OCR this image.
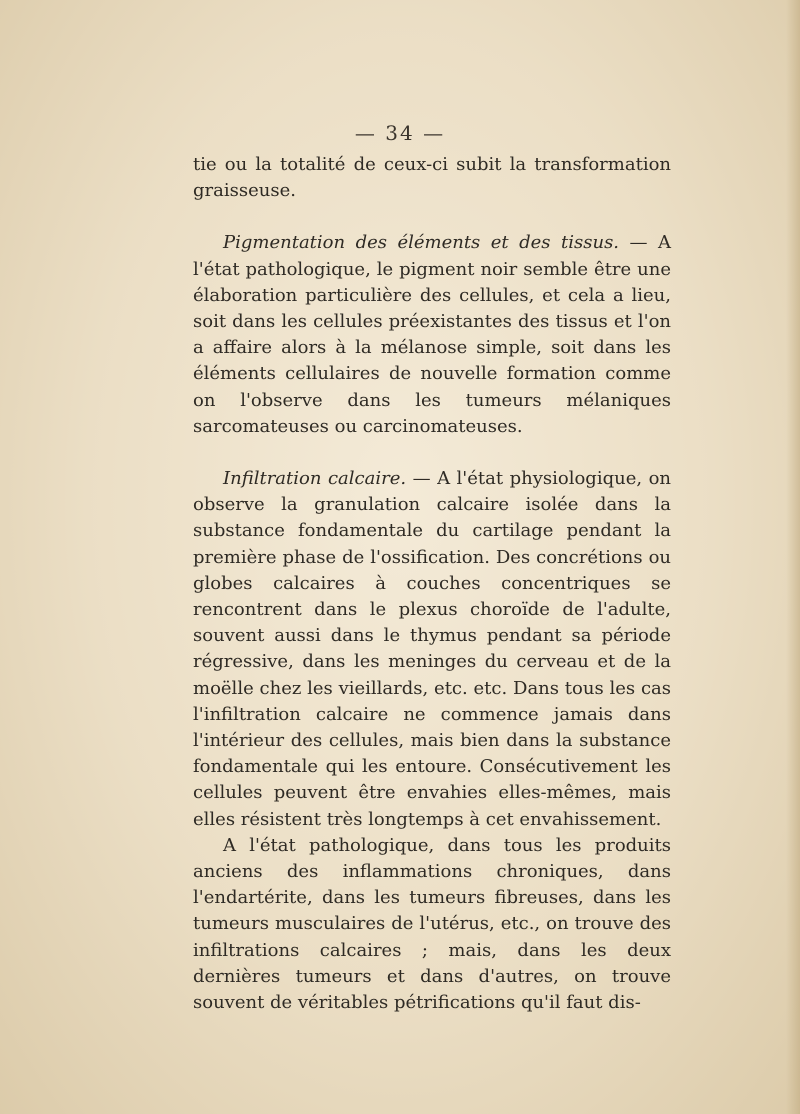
— 34 —

tie ou la totalité de ceux-ci subit la transformation graisseuse.

Pigmentation des éléments et des tissus. — A l'état pathologique, le pigment noir semble être une élaboration particulière des cellules, et cela a lieu, soit dans les cellules préexistantes des tissus et l'on a affaire alors à la mélanose simple, soit dans les éléments cellulaires de nouvelle formation comme on l'observe dans les tumeurs mélaniques sarcomateuses ou carcinomateuses.

Infiltration calcaire. — A l'état physiologique, on observe la granulation calcaire isolée dans la substance fondamentale du cartilage pendant la première phase de l'ossification. Des concrétions ou globes calcaires à couches concentriques se rencontrent dans le plexus choroïde de l'adulte, souvent aussi dans le thymus pendant sa période régressive, dans les meninges du cerveau et de la moëlle chez les vieillards, etc. etc. Dans tous les cas l'infiltration calcaire ne commence jamais dans l'intérieur des cellules, mais bien dans la substance fondamentale qui les entoure. Consécutivement les cellules peuvent être envahies elles-mêmes, mais elles résistent très longtemps à cet envahissement.

A l'état pathologique, dans tous les produits anciens des inflammations chroniques, dans l'endartérite, dans les tumeurs fibreuses, dans les tumeurs musculaires de l'utérus, etc., on trouve des infiltrations calcaires ; mais, dans les deux dernières tumeurs et dans d'autres, on trouve souvent de véritables pétrifications qu'il faut dis-
